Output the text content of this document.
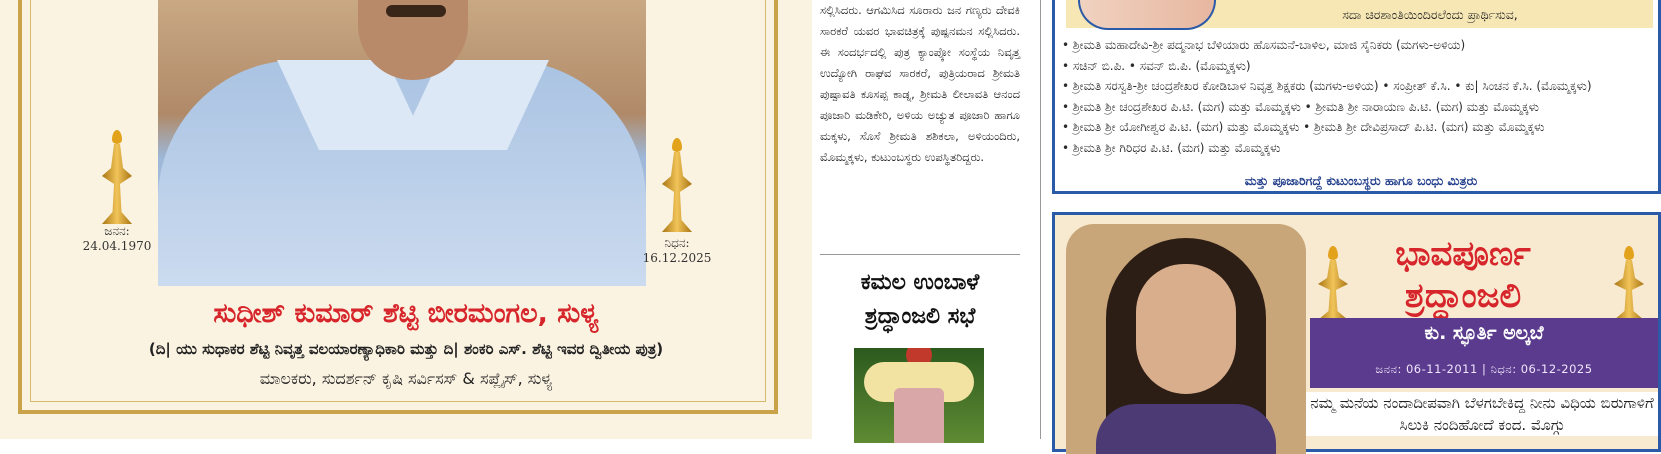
ಜನನ:
24.04.1970	ನಿಧನ:
16.12.2025
ಸುಧೀಶ್ ಕುಮಾರ್ ಶೆಟ್ಟಿ ಬೀರಮಂಗಲ, ಸುಳ್ಯ
(ದಿ| ಯು ಸುಧಾಕರ ಶೆಟ್ಟಿ ನಿವೃತ್ತ ವಲಯಾರಣ್ಯಾಧಿಕಾರಿ ಮತ್ತು ದಿ| ಶಂಕರಿ ಎಸ್. ಶೆಟ್ಟಿ ಇವರ ದ್ವಿತೀಯ ಪುತ್ರ)
ಮಾಲಕರು, ಸುದರ್ಶನ್ ಕೃಷಿ ಸರ್ವಿಸಸ್ & ಸಪ್ಲೈಸ್, ಸುಳ್ಯ
ಸಲ್ಲಿಸಿದರು. ಆಗಮಿಸಿದ ಸೂರಾರು ಜನ ಗಣ್ಯರು ದೇವಕಿ ಸಾರಕರೆ ಯವರ ಭಾವಚಿತ್ರಕ್ಕೆ ಪುಷ್ಪನಮನ ಸಲ್ಲಿಸಿದರು. ಈ ಸಂದರ್ಭದಲ್ಲಿ ಪುತ್ರ ಕ್ಯಾಂಪ್ಕೋ ಸಂಸ್ಥೆಯ ನಿವೃತ್ತ ಉದ್ಯೋಗಿ ರಾಘವ ಸಾರಕರೆ, ಪುತ್ರಿಯರಾದ ಶ್ರೀಮತಿ ಪುಷ್ಪಾವತಿ ಕೂಸಪ್ಪ ಕಾಡ್ನ, ಶ್ರೀಮತಿ ಲೀಲಾವತಿ ಆನಂದ ಪೂಜಾರಿ ಮಡಿಕೇರಿ, ಅಳಿಯ ಅಚ್ಯುತ ಪೂಜಾರಿ ಹಾಗೂ ಮಕ್ಕಳು, ಸೊಸೆ ಶ್ರೀಮತಿ ಶಶಿಕಲಾ, ಅಳಿಯಂದಿರು, ಮೊಮ್ಮಕ್ಕಳು, ಕುಟುಂಬಸ್ಥರು ಉಪಸ್ಥಿತರಿದ್ದರು.
ಕಮಲ ಉಂಬಾಳೆ ಶ್ರದ್ಧಾಂಜಲಿ ಸಭೆ
ಸದಾ ಚಿರಶಾಂತಿಯಿಂದಿರಲೆಂದು ಪ್ರಾರ್ಥಿಸುವ,
• ಶ್ರೀಮತಿ ಮಹಾದೇವಿ-ಶ್ರೀ ಪದ್ಮನಾಭ ಬೆಳಿಯಾರು ಹೊಸಮನೆ-ಬಾಳಿಲ, ಮಾಜಿ ಸೈನಿಕರು (ಮಗಳು-ಅಳಿಯ)
• ಸಚಿನ್ ಬಿ.ಪಿ. • ಸವನ್ ಬಿ.ಪಿ. (ಮೊಮ್ಮಕ್ಕಳು)
• ಶ್ರೀಮತಿ ಸರಸ್ವತಿ-ಶ್ರೀ ಚಂದ್ರಶೇಖರ ಕೋಡಿಬಾಳ ನಿವೃತ್ತ ಶಿಕ್ಷಕರು (ಮಗಳು-ಅಳಿಯ) • ಸಂಪ್ರೀತ್ ಕೆ.ಸಿ. • ಕು| ಸಿಂಚನ ಕೆ.ಸಿ. (ಮೊಮ್ಮಕ್ಕಳು)
• ಶ್ರೀಮತಿ ಶ್ರೀ ಚಂದ್ರಶೇಖರ ಪಿ.ಟಿ. (ಮಗ) ಮತ್ತು ಮೊಮ್ಮಕ್ಕಳು • ಶ್ರೀಮತಿ ಶ್ರೀ ನಾರಾಯಣ ಪಿ.ಟಿ. (ಮಗ) ಮತ್ತು ಮೊಮ್ಮಕ್ಕಳು
• ಶ್ರೀಮತಿ ಶ್ರೀ ಯೋಗೀಶ್ವರ ಪಿ.ಟಿ. (ಮಗ) ಮತ್ತು ಮೊಮ್ಮಕ್ಕಳು • ಶ್ರೀಮತಿ ಶ್ರೀ ದೇವಿಪ್ರಸಾದ್ ಪಿ.ಟಿ. (ಮಗ) ಮತ್ತು ಮೊಮ್ಮಕ್ಕಳು
• ಶ್ರೀಮತಿ ಶ್ರೀ ಗಿರಿಧರ ಪಿ.ಟಿ. (ಮಗ) ಮತ್ತು ಮೊಮ್ಮಕ್ಕಳು
ಮತ್ತು ಪೂಜಾರಿಗದ್ದೆ ಕುಟುಂಬಸ್ಥರು ಹಾಗೂ ಬಂಧು ಮಿತ್ರರು
ಭಾವಪೂರ್ಣ
ಶ್ರದ್ಧಾಂಜಲಿ
ಕು. ಸ್ಫೂರ್ತಿ ಅಲ್ಕಬೆ
ಜನನ: 06-11-2011 | ನಿಧನ: 06-12-2025
ನಮ್ಮ ಮನೆಯ ನಂದಾದೀಪವಾಗಿ ಬೆಳಗಬೇಕಿದ್ದ ನೀನು ವಿಧಿಯ ಬಿರುಗಾಳಿಗೆ ಸಿಲುಕಿ ನಂದಿಹೋದೆ ಕಂದ. ಮೊಗ್ಗು
